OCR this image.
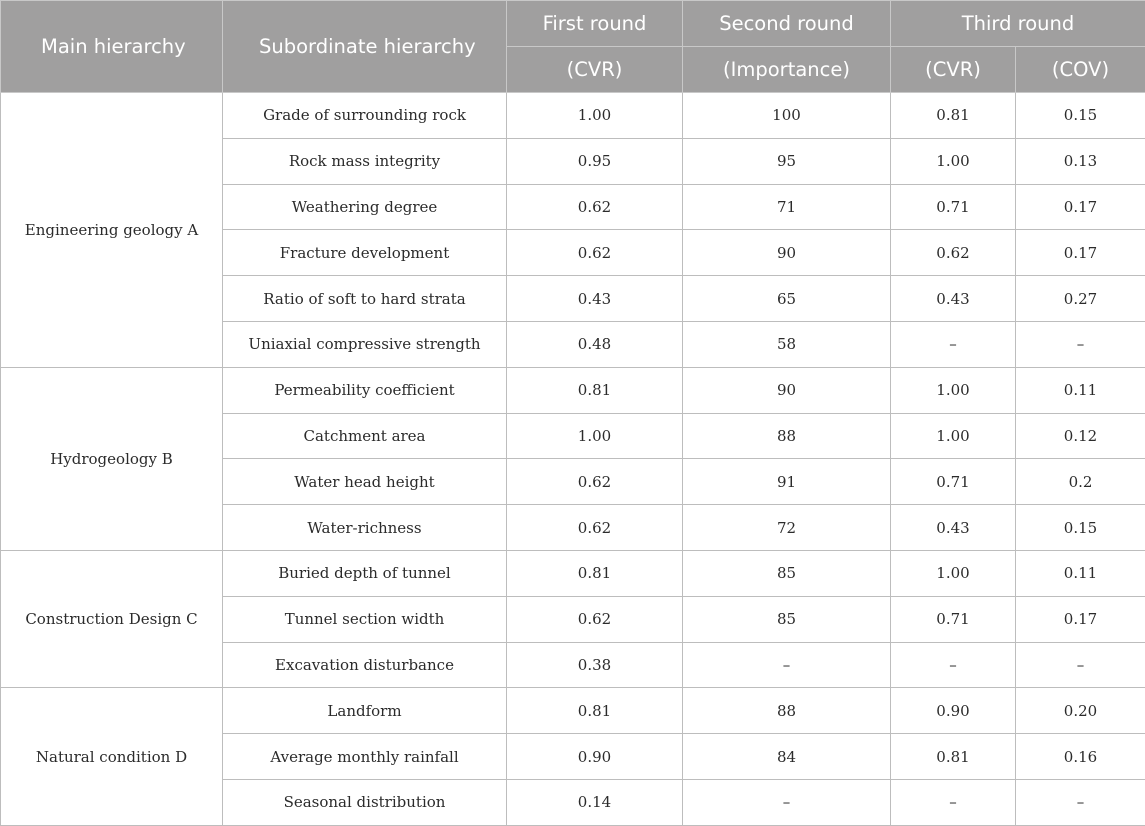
Main hierarchy	Subordinate hierarchy	First round	Second round	Third round	
		(CVR)	(Importance)	(CVR)	(COV)
Engineering geology A	Grade of surrounding rock	1.00	100	0.81	0.15
	Rock mass integrity	0.95	95	1.00	0.13
	Weathering degree	0.62	71	0.71	0.17
	Fracture development	0.62	90	0.62	0.17
	Ratio of soft to hard strata	0.43	65	0.43	0.27
	Uniaxial compressive strength	0.48	58	–	–
Hydrogeology B	Permeability coefficient	0.81	90	1.00	0.11
	Catchment area	1.00	88	1.00	0.12
	Water head height	0.62	91	0.71	0.2
	Water-richness	0.62	72	0.43	0.15
Construction Design C	Buried depth of tunnel	0.81	85	1.00	0.11
	Tunnel section width	0.62	85	0.71	0.17
	Excavation disturbance	0.38	–	–	–
Natural condition D	Landform	0.81	88	0.90	0.20
	Average monthly rainfall	0.90	84	0.81	0.16
	Seasonal distribution	0.14	–	–	–
